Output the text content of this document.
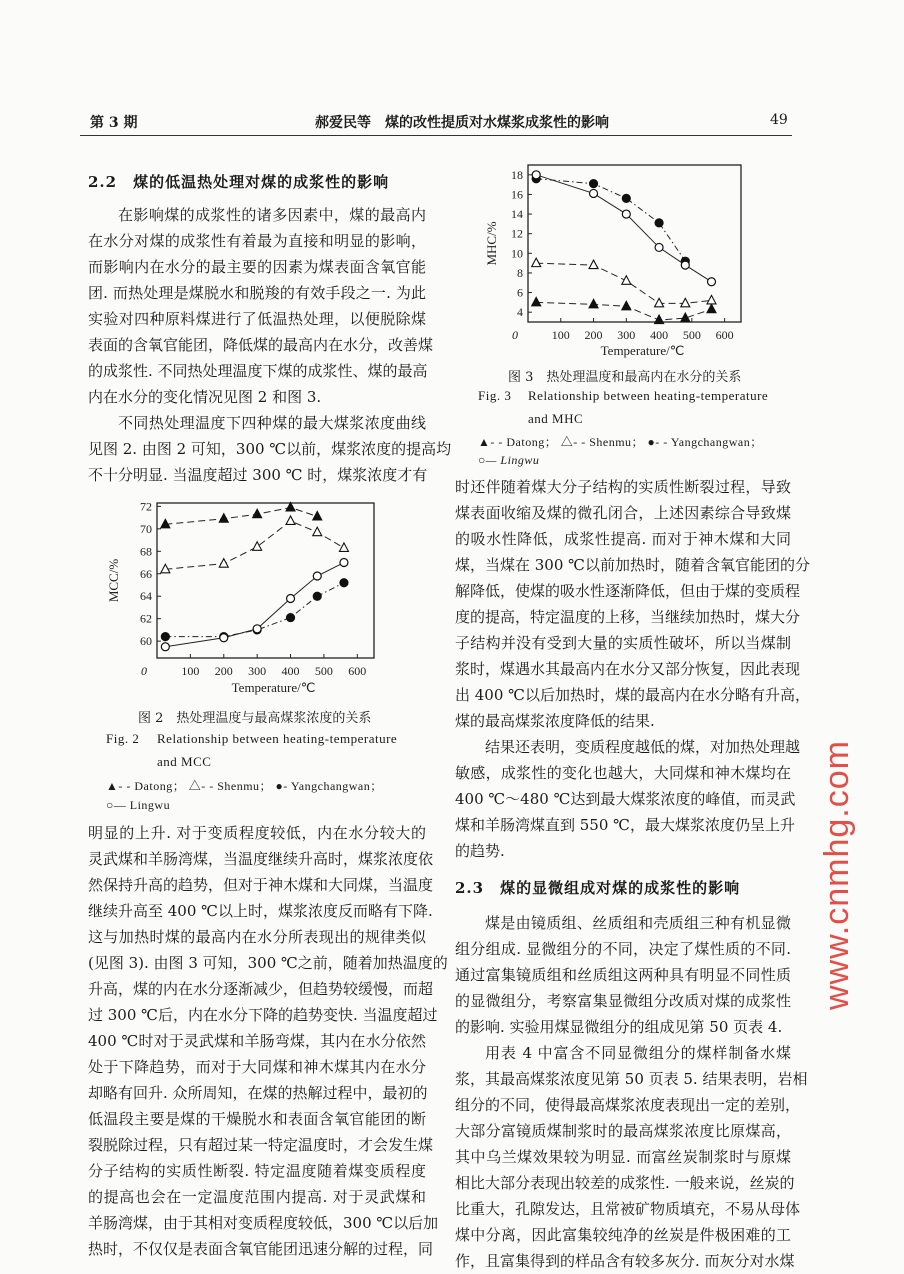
第 3 期	郝爱民等　煤的改性提质对水煤浆成浆性的影响	49
2.2　煤的低温热处理对煤的成浆性的影响
2.3　煤的显微组成对煤的成浆性的影响
在影响煤的成浆性的诸多因素中，煤的最高内
在水分对煤的成浆性有着最为直接和明显的影响，
而影响内在水分的最主要的因素为煤表面含氧官能
团. 而热处理是煤脱水和脱羧的有效手段之一. 为此
实验对四种原料煤进行了低温热处理，以便脱除煤
表面的含氧官能团，降低煤的最高内在水分，改善煤
的成浆性. 不同热处理温度下煤的成浆性、煤的最高
内在水分的变化情况见图 2 和图 3.
不同热处理温度下四种煤的最大煤浆浓度曲线
见图 2. 由图 2 可知，300 ℃以前，煤浆浓度的提高均
不十分明显. 当温度超过 300 ℃ 时，煤浆浓度才有
明显的上升. 对于变质程度较低，内在水分较大的
灵武煤和羊肠湾煤，当温度继续升高时，煤浆浓度依
然保持升高的趋势，但对于神木煤和大同煤，当温度
继续升高至 400 ℃以上时，煤浆浓度反而略有下降.
这与加热时煤的最高内在水分所表现出的规律类似
(见图 3). 由图 3 可知，300 ℃之前，随着加热温度的
升高，煤的内在水分逐渐减少，但趋势较缓慢，而超
过 300 ℃后，内在水分下降的趋势变快. 当温度超过
400 ℃时对于灵武煤和羊肠弯煤，其内在水分依然
处于下降趋势，而对于大同煤和神木煤其内在水分
却略有回升. 众所周知，在煤的热解过程中，最初的
低温段主要是煤的干燥脱水和表面含氧官能团的断
裂脱除过程，只有超过某一特定温度时，才会发生煤
分子结构的实质性断裂. 特定温度随着煤变质程度
的提高也会在一定温度范围内提高. 对于灵武煤和
羊肠湾煤，由于其相对变质程度较低，300 ℃以后加
热时，不仅仅是表面含氧官能团迅速分解的过程，同
时还伴随着煤大分子结构的实质性断裂过程，导致
煤表面收缩及煤的微孔闭合，上述因素综合导致煤
的吸水性降低，成浆性提高. 而对于神木煤和大同
煤，当煤在 300 ℃以前加热时，随着含氧官能团的分
解降低，使煤的吸水性逐渐降低，但由于煤的变质程
度的提高，特定温度的上移，当继续加热时，煤大分
子结构并没有受到大量的实质性破坏，所以当煤制
浆时，煤遇水其最高内在水分又部分恢复，因此表现
出 400 ℃以后加热时，煤的最高内在水分略有升高，
煤的最高煤浆浓度降低的结果.
结果还表明，变质程度越低的煤，对加热处理越
敏感，成浆性的变化也越大，大同煤和神木煤均在
400 ℃～480 ℃达到最大煤浆浓度的峰值，而灵武
煤和羊肠湾煤直到 550 ℃，最大煤浆浓度仍呈上升
的趋势.
煤是由镜质组、丝质组和壳质组三种有机显微
组分组成. 显微组分的不同，决定了煤性质的不同.
通过富集镜质组和丝质组这两种具有明显不同性质
的显微组分，考察富集显微组分改质对煤的成浆性
的影响. 实验用煤显微组分的组成见第 50 页表 4.
用表 4 中富含不同显微组分的煤样制备水煤
浆，其最高煤浆浓度见第 50 页表 5. 结果表明，岩相
组分的不同，使得最高煤浆浓度表现出一定的差别，
大部分富镜质煤制浆时的最高煤浆浓度比原煤高，
其中乌兰煤效果较为明显. 而富丝炭制浆时与原煤
相比大部分表现出较差的成浆性. 一般来说，丝炭的
比重大，孔隙发达，且常被矿物质填充，不易从母体
煤中分离，因此富集较纯净的丝炭是件极困难的工
作，且富集得到的样品含有较多灰分. 而灰分对水煤
图 2　热处理温度与最高煤浆浓度的关系
Fig. 2 Relationship between heating-temperature
and MCC
▲- - Datong； △- - Shenmu； ●- Yangchangwan；
○— Lingwu
图 3　热处理温度和最高内在水分的关系
Fig. 3 Relationship between heating-temperature
and MHC
▲- - Datong； △- - Shenmu； ●- - Yangchangwan；
○— Lingwu
100 200 300 400 500 600
60
62
64
66
68
70
72
0
Temperature/℃
MCC/%
100 200 300 400 500 600
4
6
8
10
12
14
16
18
0
Temperature/℃
MHC/%
www.cnmhg.com
